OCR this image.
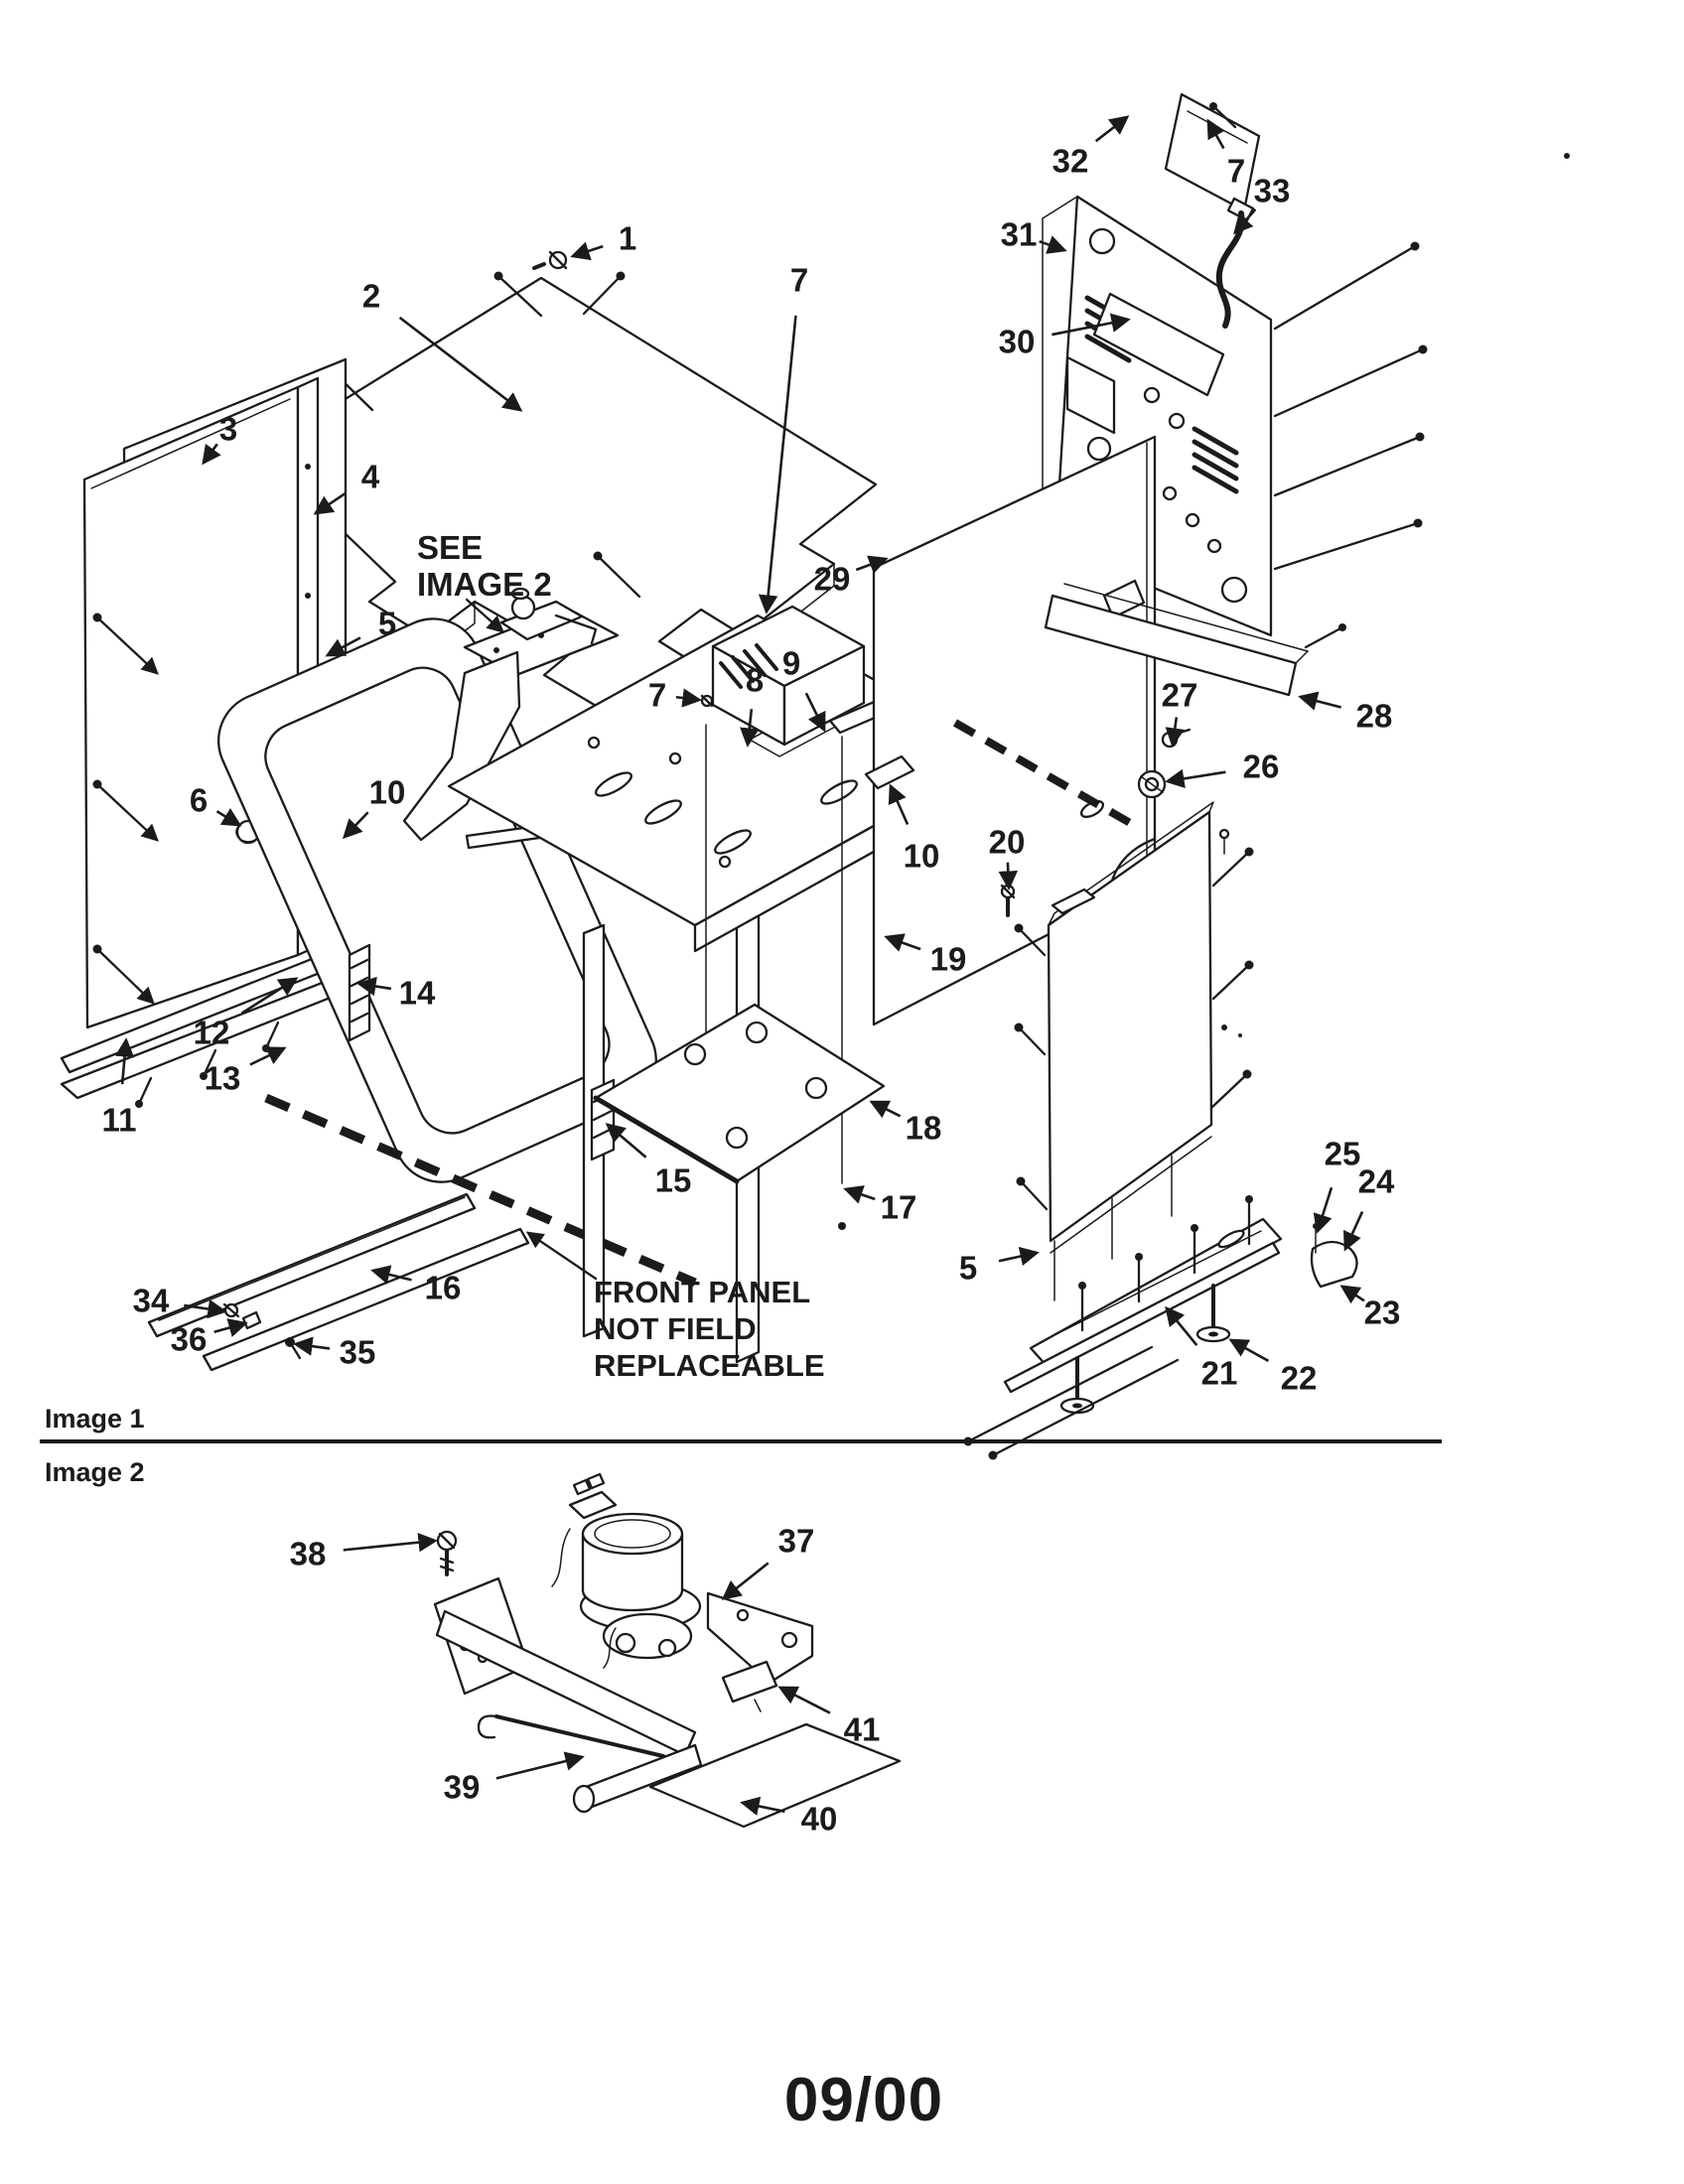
SEE
IMAGE 2
FRONT PANEL
NOT FIELD
REPLACEABLE
Image 1
Image 2
09/00
1
2	7
32	7
33
31
30
3
4
5
29
8 9
7	27
28
26
6	10
10 20
19
14
12
13
11	18
15
17
25
24
5
23
16
34
36	35
21 22
38	37
41
39
40
